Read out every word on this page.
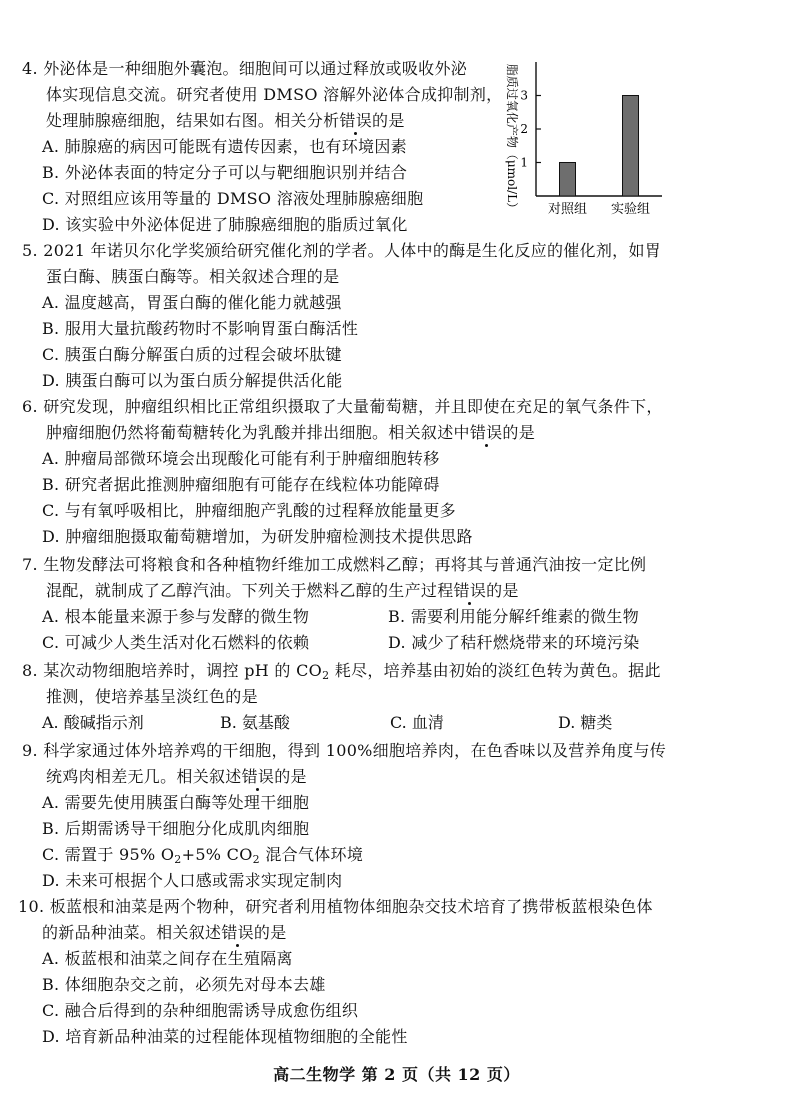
4. 外泌体是一种细胞外囊泡。细胞间可以通过释放或吸收外泌
体实现信息交流。研究者使用 DMSO 溶解外泌体合成抑制剂，
处理肺腺癌细胞，结果如右图。相关分析错误的是
A. 肺腺癌的病因可能既有遗传因素，也有环境因素
B. 外泌体表面的特定分子可以与靶细胞识别并结合
C. 对照组应该用等量的 DMSO 溶液处理肺腺癌细胞
D. 该实验中外泌体促进了肺腺癌细胞的脂质过氧化
1
2
3
脂质过氧化产物（μmol/L） 对照组 实验组
5. 2021 年诺贝尔化学奖颁给研究催化剂的学者。人体中的酶是生化反应的催化剂，如胃
蛋白酶、胰蛋白酶等。相关叙述合理的是
A. 温度越高，胃蛋白酶的催化能力就越强
B. 服用大量抗酸药物时不影响胃蛋白酶活性
C. 胰蛋白酶分解蛋白质的过程会破坏肽键
D. 胰蛋白酶可以为蛋白质分解提供活化能
6. 研究发现，肿瘤组织相比正常组织摄取了大量葡萄糖，并且即使在充足的氧气条件下，
肿瘤细胞仍然将葡萄糖转化为乳酸并排出细胞。相关叙述中错误的是
A. 肿瘤局部微环境会出现酸化可能有利于肿瘤细胞转移
B. 研究者据此推测肿瘤细胞有可能存在线粒体功能障碍
C. 与有氧呼吸相比，肿瘤细胞产乳酸的过程释放能量更多
D. 肿瘤细胞摄取葡萄糖增加，为研发肿瘤检测技术提供思路
7. 生物发酵法可将粮食和各种植物纤维加工成燃料乙醇；再将其与普通汽油按一定比例
混配，就制成了乙醇汽油。下列关于燃料乙醇的生产过程错误的是
A. 根本能量来源于参与发酵的微生物	B. 需要利用能分解纤维素的微生物
C. 可减少人类生活对化石燃料的依赖	D. 减少了秸秆燃烧带来的环境污染
8. 某次动物细胞培养时，调控 pH 的 $CO_2$ 耗尽，培养基由初始的淡红色转为黄色。据此
推测，使培养基呈淡红色的是
A. 酸碱指示剂	B. 氨基酸	C. 血清	D. 糖类
9. 科学家通过体外培养鸡的干细胞，得到 100%细胞培养肉，在色香味以及营养角度与传
统鸡肉相差无几。相关叙述错误的是
A. 需要先使用胰蛋白酶等处理干细胞
B. 后期需诱导干细胞分化成肌肉细胞
C. 需置于 95% $O_2+5\%$ $CO_2$ 混合气体环境
D. 未来可根据个人口感或需求实现定制肉
10. 板蓝根和油菜是两个物种，研究者利用植物体细胞杂交技术培育了携带板蓝根染色体
的新品种油菜。相关叙述错误的是
A. 板蓝根和油菜之间存在生殖隔离
B. 体细胞杂交之前，必须先对母本去雄
C. 融合后得到的杂种细胞需诱导成愈伤组织
D. 培育新品种油菜的过程能体现植物细胞的全能性
高二生物学 第 2 页（共 12 页）
